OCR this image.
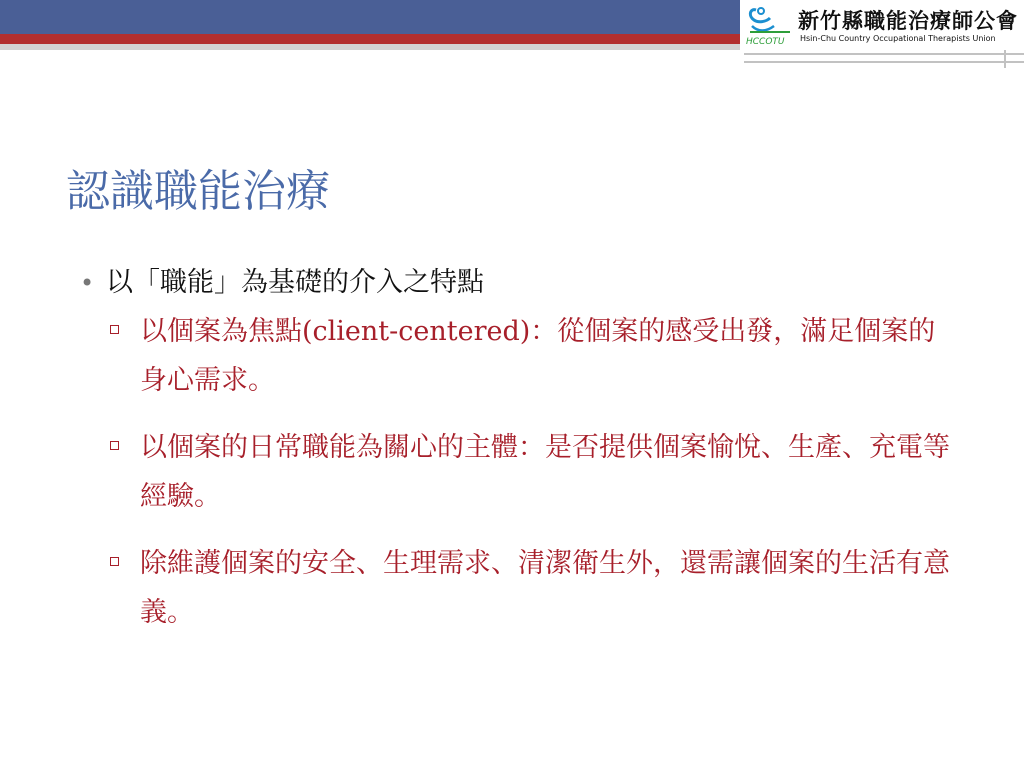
HCCOTU
新竹縣職能治療師公會
Hsin-Chu Country Occupational Therapists Union
認識職能治療
• 以「職能」為基礎的介入之特點
以個案為焦點(client-centered)：從個案的感受出發，滿足個案的身心需求。
以個案的日常職能為關心的主體：是否提供個案愉悅、生產、充電等經驗。
除維護個案的安全、生理需求、清潔衛生外，還需讓個案的生活有意義。
